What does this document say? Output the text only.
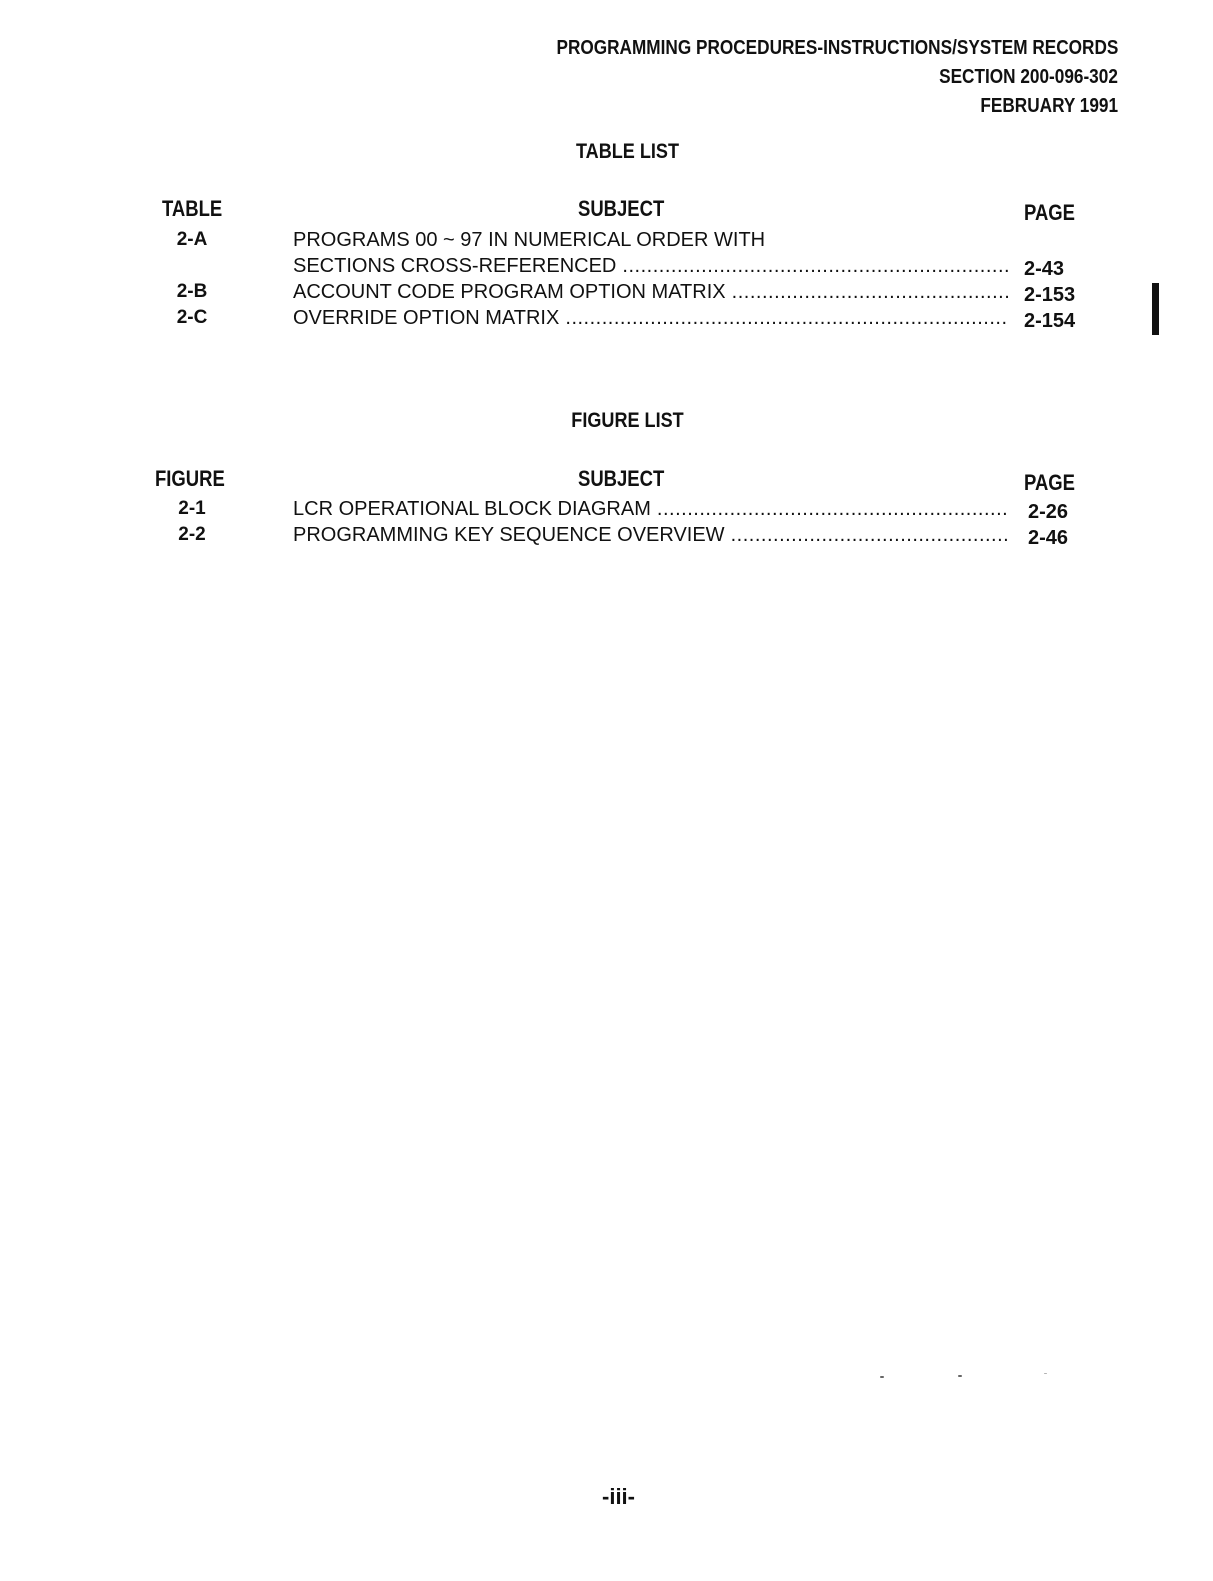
PROGRAMMING PROCEDURES-INSTRUCTIONS/SYSTEM RECORDS
SECTION 200-096-302
FEBRUARY 1991
TABLE LIST
TABLE	SUBJECT	PAGE
2-A	PROGRAMS 00 ~ 97 IN NUMERICAL ORDER WITH
SECTIONS CROSS-REFERENCED .....	2-43
2-B	ACCOUNT CODE PROGRAM OPTION MATRIX .....	2-153
2-C	OVERRIDE OPTION MATRIX .....	2-154
FIGURE LIST
FIGURE	SUBJECT	PAGE
2-1	LCR OPERATIONAL BLOCK DIAGRAM .....	2-26
2-2	PROGRAMMING KEY SEQUENCE OVERVIEW .....	2-46
-iii-
